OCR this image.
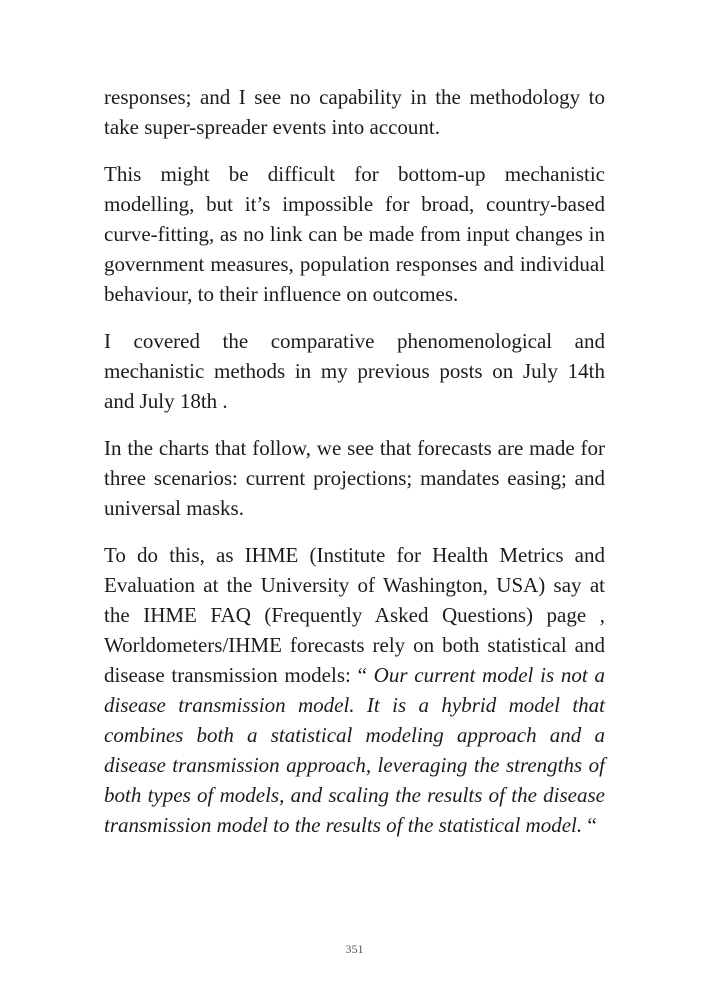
responses; and I see no capability in the methodology to take super-spreader events into account.

This might be difficult for bottom-up mechanistic modelling, but it’s impossible for broad, country-based curve-fitting, as no link can be made from input changes in government measures, population responses and individual behaviour, to their influence on outcomes.

I covered the comparative phenomenological and mechanistic methods in my previous posts on July 14th and July 18th .

In the charts that follow, we see that forecasts are made for three scenarios: current projections; mandates easing; and universal masks.

To do this, as IHME (Institute for Health Metrics and Evaluation at the University of Washington, USA) say at the IHME FAQ (Frequently Asked Questions) page , Worldometers/IHME forecasts rely on both statistical and disease transmission models: “ Our current model is not a disease transmission model. It is a hybrid model that combines both a statistical modeling approach and a disease transmission approach, leveraging the strengths of both types of models, and scaling the results of the disease transmission model to the results of the statistical model. “

351
